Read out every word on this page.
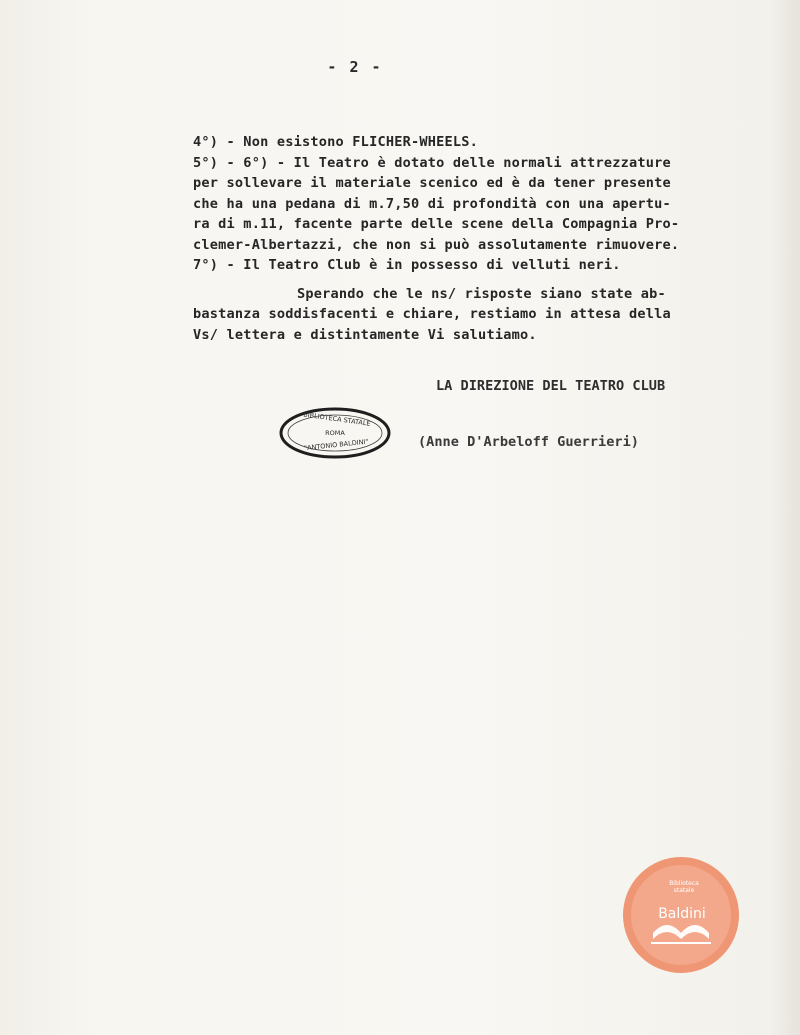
- 2 -
4°) - Non esistono FLICHER-WHEELS.
5°) - 6°) - Il Teatro è dotato delle normali attrezzature
per sollevare il materiale scenico ed è da tener presente
che ha una pedana di m.7,50 di profondità con una apertu-
ra di m.11, facente parte delle scene della Compagnia Pro-
clemer-Albertazzi, che non si può assolutamente rimuovere.
7°) - Il Teatro Club è in possesso di velluti neri.
Sperando che le ns/ risposte siano state ab-
bastanza soddisfacenti e chiare, restiamo in attesa della
Vs/ lettera e distintamente Vi salutiamo.
LA DIREZIONE DEL TEATRO CLUB
(Anne D'Arbeloff Guerrieri)
BIBLIOTECA STATALE
ROMA
"ANTONIO BALDINI"
Biblioteca statale
Baldini
